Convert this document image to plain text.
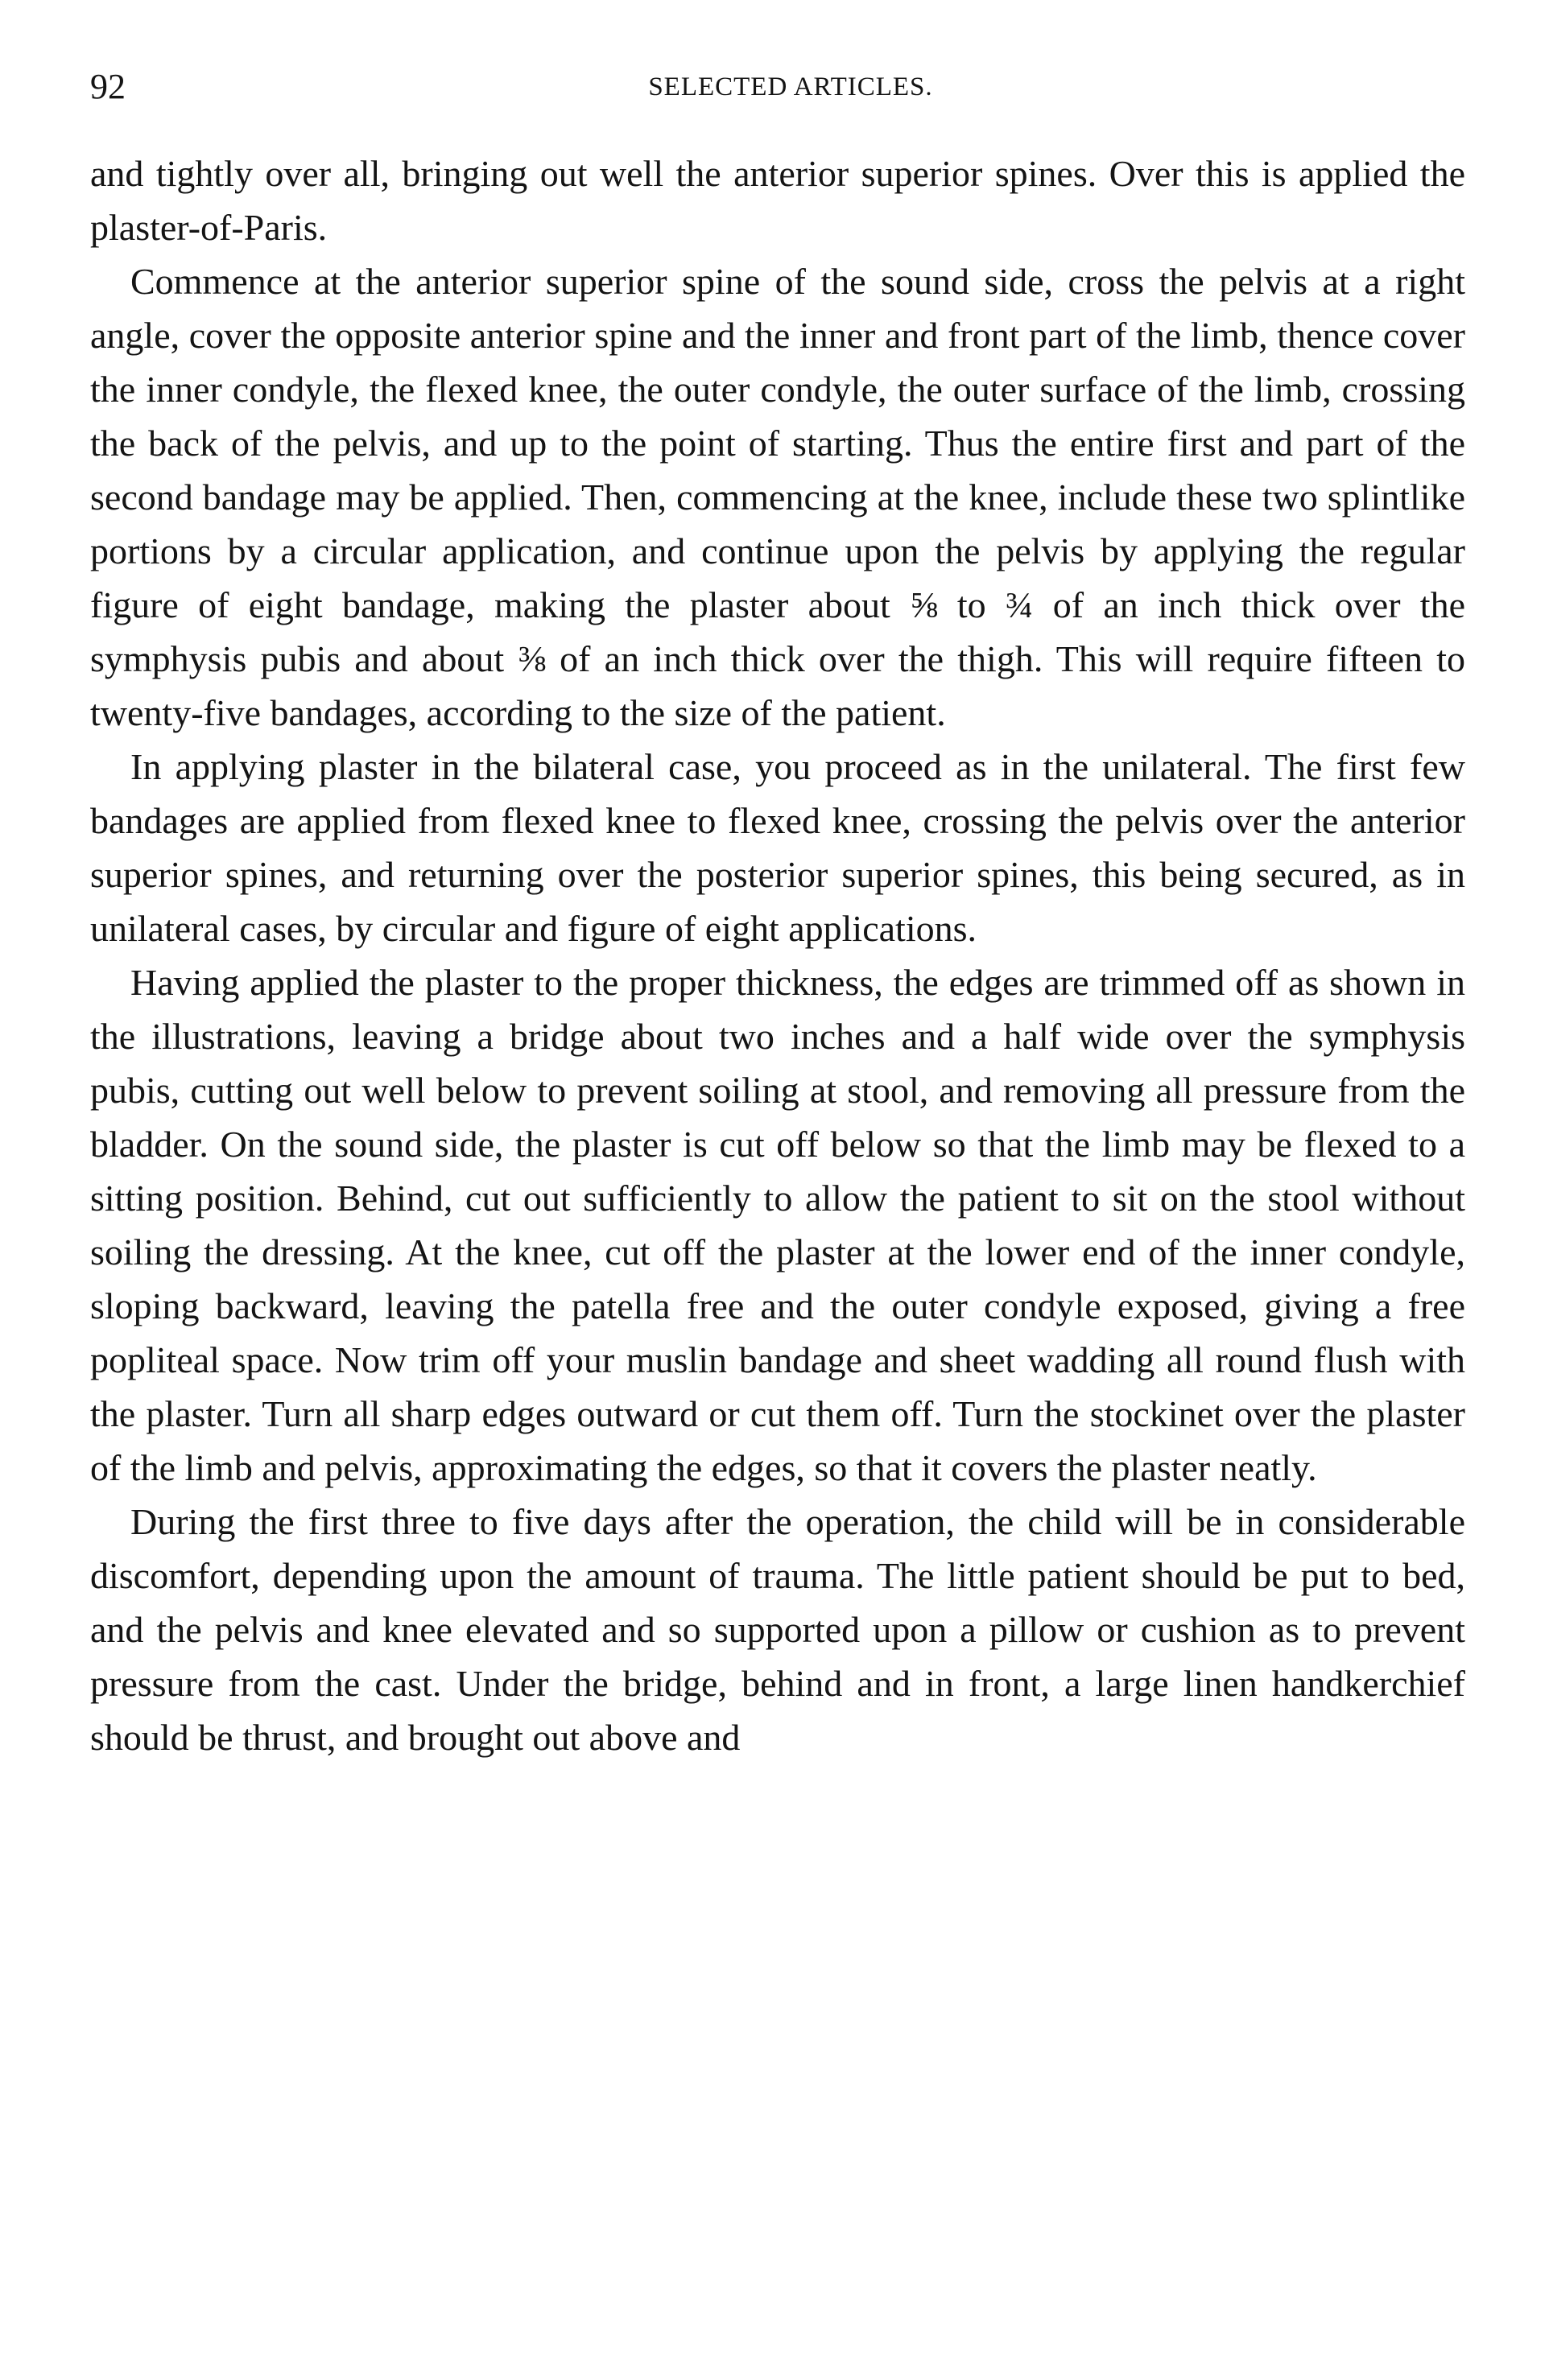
92	SELECTED ARTICLES.

and tightly over all, bringing out well the anterior superior spines. Over this is applied the plaster-of-Paris.

Commence at the anterior superior spine of the sound side, cross the pelvis at a right angle, cover the opposite anterior spine and the inner and front part of the limb, thence cover the inner condyle, the flexed knee, the outer condyle, the outer surface of the limb, crossing the back of the pelvis, and up to the point of starting. Thus the entire first and part of the second bandage may be applied. Then, commencing at the knee, include these two splintlike portions by a circular application, and continue upon the pelvis by applying the regular figure of eight bandage, making the plaster about ⅝ to ¾ of an inch thick over the symphysis pubis and about ⅜ of an inch thick over the thigh. This will require fifteen to twenty-five bandages, according to the size of the patient.

In applying plaster in the bilateral case, you proceed as in the unilateral. The first few bandages are applied from flexed knee to flexed knee, crossing the pelvis over the anterior superior spines, and returning over the posterior superior spines, this being secured, as in unilateral cases, by circular and figure of eight applications.

Having applied the plaster to the proper thickness, the edges are trimmed off as shown in the illustrations, leaving a bridge about two inches and a half wide over the symphysis pubis, cutting out well below to prevent soiling at stool, and removing all pressure from the bladder. On the sound side, the plaster is cut off below so that the limb may be flexed to a sitting position. Behind, cut out sufficiently to allow the patient to sit on the stool without soiling the dressing. At the knee, cut off the plaster at the lower end of the inner condyle, sloping backward, leaving the patella free and the outer condyle exposed, giving a free popliteal space. Now trim off your muslin bandage and sheet wadding all round flush with the plaster. Turn all sharp edges outward or cut them off. Turn the stockinet over the plaster of the limb and pelvis, approximating the edges, so that it covers the plaster neatly.

During the first three to five days after the operation, the child will be in considerable discomfort, depending upon the amount of trauma. The little patient should be put to bed, and the pelvis and knee elevated and so supported upon a pillow or cushion as to prevent pressure from the cast. Under the bridge, behind and in front, a large linen handkerchief should be thrust, and brought out above and
